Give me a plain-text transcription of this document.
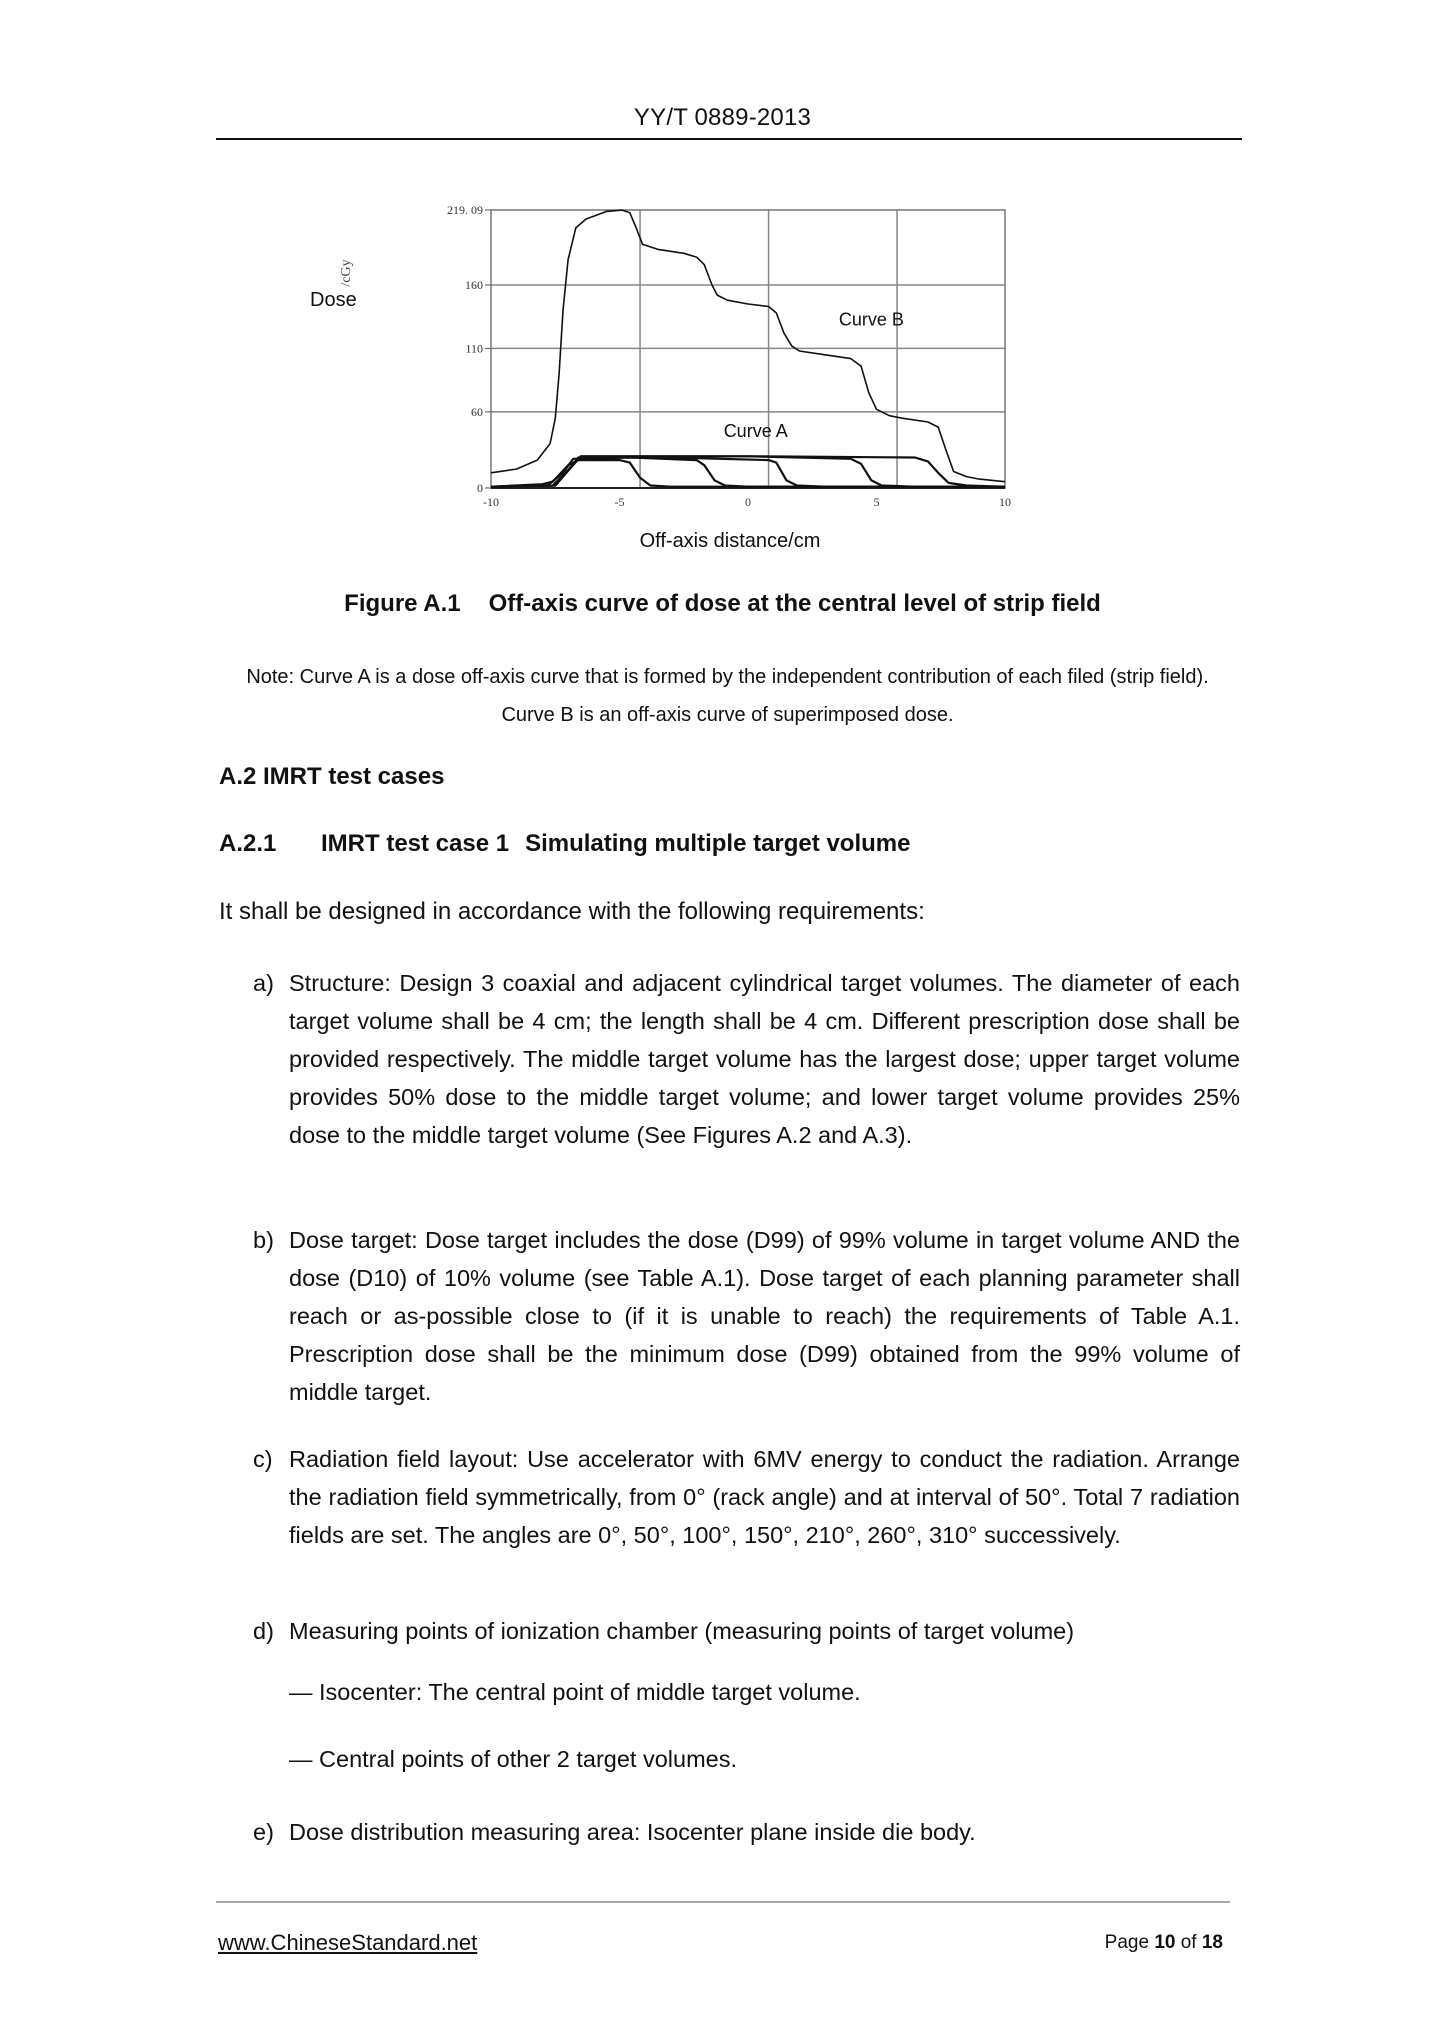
YY/T 0889-2013
Dose
/cGy
0
60
110
160
219. 09
-10	-5	0	5	10
Curve B
Curve A
Off-axis distance/cm
Figure A.1 Off-axis curve of dose at the central level of strip field
Note: Curve A is a dose off-axis curve that is formed by the independent contribution of each filed (strip field). Curve B is an off-axis curve of superimposed dose.
A.2 IMRT test cases
A.2.1 IMRT test case 1 Simulating multiple target volume
It shall be designed in accordance with the following requirements:
a) Structure: Design 3 coaxial and adjacent cylindrical target volumes. The diameter of each target volume shall be 4 cm; the length shall be 4 cm. Different prescription dose shall be provided respectively. The middle target volume has the largest dose; upper target volume provides 50% dose to the middle target volume; and lower target volume provides 25% dose to the middle target volume (See Figures A.2 and A.3).
b) Dose target: Dose target includes the dose (D99) of 99% volume in target volume AND the dose (D10) of 10% volume (see Table A.1). Dose target of each planning parameter shall reach or as-possible close to (if it is unable to reach) the requirements of Table A.1. Prescription dose shall be the minimum dose (D99) obtained from the 99% volume of middle target.
c) Radiation field layout: Use accelerator with 6MV energy to conduct the radiation. Arrange the radiation field symmetrically, from 0° (rack angle) and at interval of 50°. Total 7 radiation fields are set. The angles are 0°, 50°, 100°, 150°, 210°, 260°, 310° successively.
d) Measuring points of ionization chamber (measuring points of target volume)
— Isocenter: The central point of middle target volume.
— Central points of other 2 target volumes.
e) Dose distribution measuring area: Isocenter plane inside die body.
www.ChineseStandard.net	Page 10 of 18
